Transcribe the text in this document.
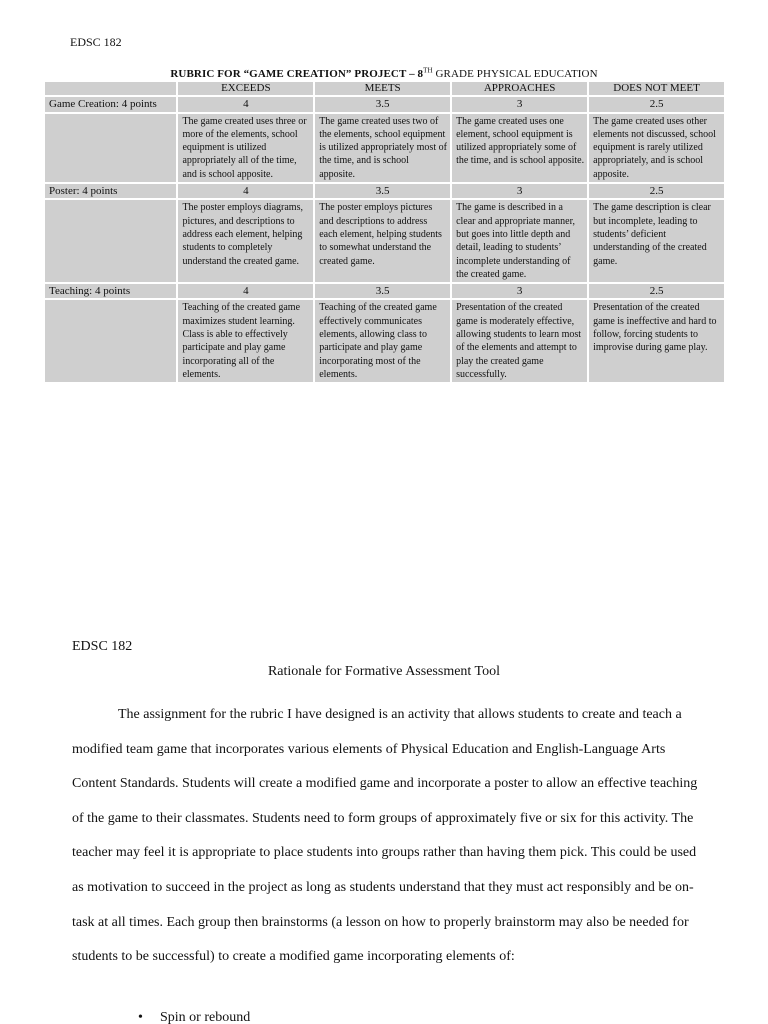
EDSC 182
RUBRIC FOR “GAME CREATION” PROJECT – 8TH GRADE PHYSICAL EDUCATION
	EXCEEDS	MEETS	APPROACHES	DOES NOT MEET
Game Creation: 4 points	4	3.5	3	2.5
	The game created uses three or more of the elements, school equipment is utilized appropriately all of the time, and is school apposite.	The game created uses two of the elements, school equipment is utilized appropriately most of the time, and is school apposite.	The game created uses one element, school equipment is utilized appropriately some of the time, and is school apposite.	The game created uses other elements not discussed, school equipment is rarely utilized appropriately, and is school apposite.
Poster: 4 points	4	3.5	3	2.5
	The poster employs diagrams, pictures, and descriptions to address each element, helping students to completely understand the created game.	The poster employs pictures and descriptions to address each element, helping students to somewhat understand the created game.	The game is described in a clear and appropriate manner, but goes into little depth and detail, leading to students’ incomplete understanding of the created game.	The game description is clear but incomplete, leading to students’ deficient understanding of the created game.
Teaching: 4 points	4	3.5	3	2.5
	Teaching of the created game maximizes student learning. Class is able to effectively participate and play game incorporating all of the elements.	Teaching of the created game effectively communicates elements, allowing class to participate and play game incorporating most of the elements.	Presentation of the created game is moderately effective, allowing students to learn most of the elements and attempt to play the created game successfully.	Presentation of the created game is ineffective and hard to follow, forcing students to improvise during game play.
EDSC 182
Rationale for Formative Assessment Tool

The assignment for the rubric I have designed is an activity that allows students to create and teach a modified team game that incorporates various elements of Physical Education and English-Language Arts Content Standards. Students will create a modified game and incorporate a poster to allow an effective teaching of the game to their classmates. Students need to form groups of approximately five or six for this activity. The teacher may feel it is appropriate to place students into groups rather than having them pick. This could be used as motivation to succeed in the project as long as students understand that they must act responsibly and be on-task at all times. Each group then brainstorms (a lesson on how to properly brainstorm may also be needed for students to be successful) to create a modified game incorporating elements of:

• Spin or rebound
